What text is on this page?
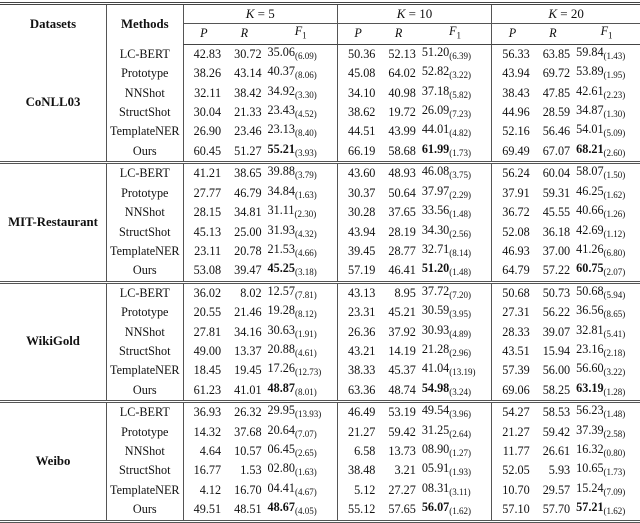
Datasets	Methods	K = 5			K = 10			K = 20		
		P	R	$F_1$	P	R	$F_1$	P	R	$F_1$
CoNLL03	LC-BERT	42.83	30.72	$35.06_{(6.09)}$	50.36	52.13	$51.20_{(6.39)}$	56.33	63.85	$59.84_{(1.43)}$
	Prototype	38.26	43.14	$40.37_{(8.06)}$	45.08	64.02	$52.82_{(3.22)}$	43.94	69.72	$53.89_{(1.95)}$
	NNShot	32.11	38.42	$34.92_{(3.30)}$	34.10	40.98	$37.18_{(5.82)}$	38.43	47.85	$42.61_{(2.23)}$
	StructShot	30.04	21.33	$23.43_{(4.52)}$	38.62	19.72	$26.09_{(7.23)}$	44.96	28.59	$34.87_{(1.30)}$
	TemplateNER	26.90	23.46	$23.13_{(8.40)}$	44.51	43.99	$44.01_{(4.82)}$	52.16	56.46	$54.01_{(5.09)}$
	Ours	60.45	51.27	$55.21_{(3.93)}$	66.19	58.68	$61.99_{(1.73)}$	69.49	67.07	$68.21_{(2.60)}$
MIT-Restaurant	LC-BERT	41.21	38.65	$39.88_{(3.79)}$	43.60	48.93	$46.08_{(3.75)}$	56.24	60.04	$58.07_{(1.50)}$
	Prototype	27.77	46.79	$34.84_{(1.63)}$	30.37	50.64	$37.97_{(2.29)}$	37.91	59.31	$46.25_{(1.62)}$
	NNShot	28.15	34.81	$31.11_{(2.30)}$	30.28	37.65	$33.56_{(1.48)}$	36.72	45.55	$40.66_{(1.26)}$
	StructShot	45.13	25.00	$31.93_{(4.32)}$	43.94	28.19	$34.30_{(2.56)}$	52.08	36.18	$42.69_{(1.12)}$
	TemplateNER	23.11	20.78	$21.53_{(4.66)}$	39.45	28.77	$32.71_{(8.14)}$	46.93	37.00	$41.26_{(6.80)}$
	Ours	53.08	39.47	$45.25_{(3.18)}$	57.19	46.41	$51.20_{(1.48)}$	64.79	57.22	$60.75_{(2.07)}$
WikiGold	LC-BERT	36.02	8.02	$12.57_{(7.81)}$	43.13	8.95	$37.72_{(7.20)}$	50.68	50.73	$50.68_{(5.94)}$
	Prototype	20.55	21.46	$19.28_{(8.12)}$	23.31	45.21	$30.59_{(3.95)}$	27.31	56.22	$36.56_{(8.65)}$
	NNShot	27.81	34.16	$30.63_{(1.91)}$	26.36	37.92	$30.93_{(4.89)}$	28.33	39.07	$32.81_{(5.41)}$
	StructShot	49.00	13.37	$20.88_{(4.61)}$	43.21	14.19	$21.28_{(2.96)}$	43.51	15.94	$23.16_{(2.18)}$
	TemplateNER	18.45	19.45	$17.26_{(12.73)}$	38.33	45.37	$41.04_{(13.19)}$	57.39	56.00	$56.60_{(3.22)}$
	Ours	61.23	41.01	$48.87_{(8.01)}$	63.36	48.74	$54.98_{(3.24)}$	69.06	58.25	$63.19_{(1.28)}$
Weibo	LC-BERT	36.93	26.32	$29.95_{(13.93)}$	46.49	53.19	$49.54_{(3.96)}$	54.27	58.53	$56.23_{(1.48)}$
	Prototype	14.32	37.68	$20.64_{(7.07)}$	21.27	59.42	$31.25_{(2.64)}$	21.27	59.42	$37.39_{(2.58)}$
	NNShot	4.64	10.57	$06.45_{(2.65)}$	6.58	13.73	$08.90_{(1.27)}$	11.77	26.61	$16.32_{(0.80)}$
	StructShot	16.77	1.53	$02.80_{(1.63)}$	38.48	3.21	$05.91_{(1.93)}$	52.05	5.93	$10.65_{(1.73)}$
	TemplateNER	4.12	16.70	$04.41_{(4.67)}$	5.12	27.27	$08.31_{(3.11)}$	10.70	29.57	$15.24_{(7.09)}$
	Ours	49.51	48.51	$48.67_{(4.05)}$	55.12	57.65	$56.07_{(1.62)}$	57.10	57.70	$57.21_{(1.62)}$
